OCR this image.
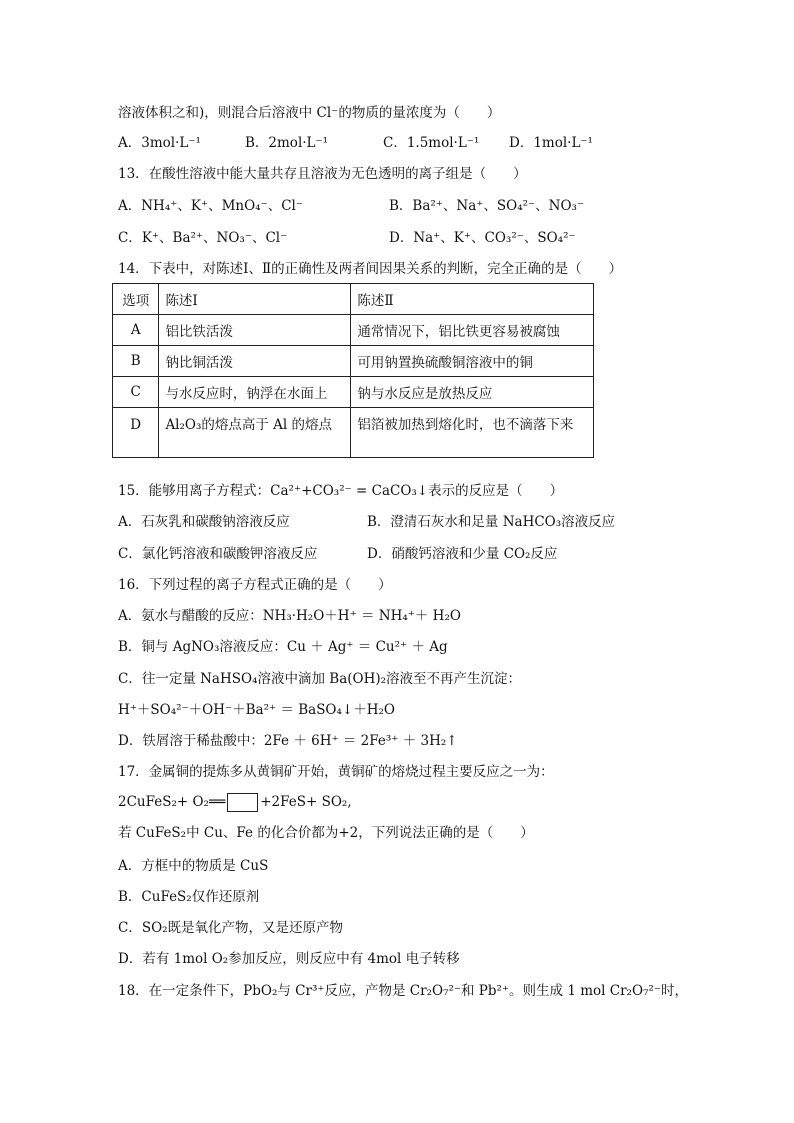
溶液体积之和)，则混合后溶液中 Cl⁻的物质的量浓度为（　　）
A．3mol·L⁻¹	B．2mol·L⁻¹	C．1.5mol·L⁻¹ D．1mol·L⁻¹
13．在酸性溶液中能大量共存且溶液为无色透明的离子组是（　　）
A．NH₄⁺、K⁺、MnO₄⁻、Cl⁻	B．Ba²⁺、Na⁺、SO₄²⁻、NO₃⁻
C．K⁺、Ba²⁺、NO₃⁻、Cl⁻	D．Na⁺、K⁺、CO₃²⁻、SO₄²⁻
14．下表中，对陈述Ⅰ、Ⅱ的正确性及两者间因果关系的判断，完全正确的是（　　）
选项	陈述Ⅰ	陈述Ⅱ
A	铝比铁活泼	通常情况下，铝比铁更容易被腐蚀
B	钠比铜活泼	可用钠置换硫酸铜溶液中的铜
C	与水反应时，钠浮在水面上	钠与水反应是放热反应
D	Al₂O₃的熔点高于 Al 的熔点	铝箔被加热到熔化时，也不滴落下来
15．能够用离子方程式：Ca²⁺+CO₃²⁻ = CaCO₃↓表示的反应是（　　）
A．石灰乳和碳酸钠溶液反应	B．澄清石灰水和足量 NaHCO₃溶液反应
C．氯化钙溶液和碳酸钾溶液反应	D．硝酸钙溶液和少量 CO₂反应
16．下列过程的离子方程式正确的是（　　）
A．氨水与醋酸的反应：NH₃·H₂O＋H⁺ ＝ NH₄⁺＋ H₂O
B．铜与 AgNO₃溶液反应：Cu ＋ Ag⁺ ＝ Cu²⁺ ＋ Ag
C．往一定量 NaHSO₄溶液中滴加 Ba(OH)₂溶液至不再产生沉淀：
H⁺＋SO₄²⁻＋OH⁻＋Ba²⁺ ＝ BaSO₄↓＋H₂O
D．铁屑溶于稀盐酸中：2Fe ＋ 6H⁺ ＝ 2Fe³⁺ ＋ 3H₂↑
17．金属铜的提炼多从黄铜矿开始，黄铜矿的熔烧过程主要反应之一为：
2CuFeS₂+ O₂══	+2FeS+ SO₂,
若 CuFeS₂中 Cu、Fe 的化合价都为+2，下列说法正确的是（　　）
A．方框中的物质是 CuS
B．CuFeS₂仅作还原剂
C．SO₂既是氧化产物，又是还原产物
D．若有 1mol O₂参加反应，则反应中有 4mol 电子转移
18．在一定条件下，PbO₂与 Cr³⁺反应，产物是 Cr₂O₇²⁻和 Pb²⁺。则生成 1 mol Cr₂O₇²⁻时，
